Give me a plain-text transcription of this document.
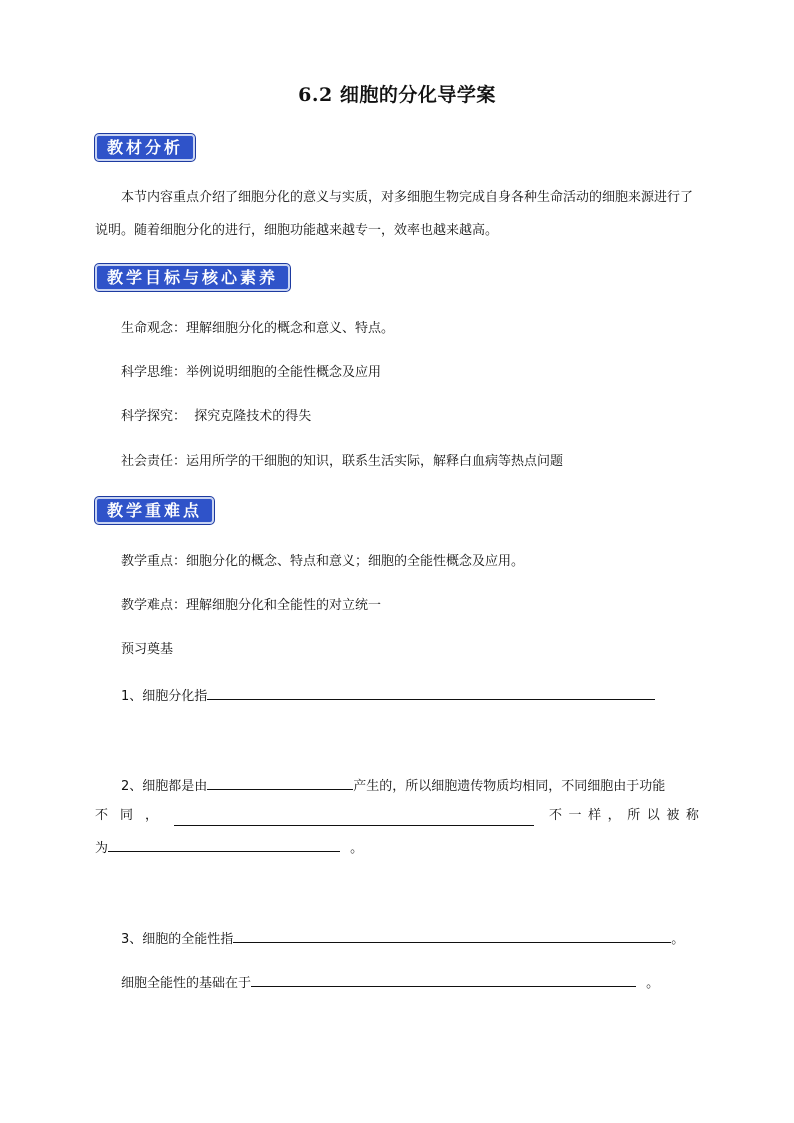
6.2 细胞的分化导学案
教材分析

本节内容重点介绍了细胞分化的意义与实质，对多细胞生物完成自身各种生命活动的细胞来源进行了说明。随着细胞分化的进行，细胞功能越来越专一，效率也越来越高。

教学目标与核心素养
生命观念：理解细胞分化的概念和意义、特点。
科学思维：举例说明细胞的全能性概念及应用
科学探究：  探究克隆技术的得失
社会责任：运用所学的干细胞的知识，联系生活实际，解释白血病等热点问题
教学重难点
教学重点：细胞分化的概念、特点和意义；细胞的全能性概念及应用。
教学难点：理解细胞分化和全能性的对立统一
预习奠基
1、细胞分化指
2、细胞都是由	产生的，所以细胞遗传物质均相同，不同细胞由于功能
不 同 ，	不 一 样 ， 所 以 被 称
为	。
3、细胞的全能性指	。
细胞全能性的基础在于	。
